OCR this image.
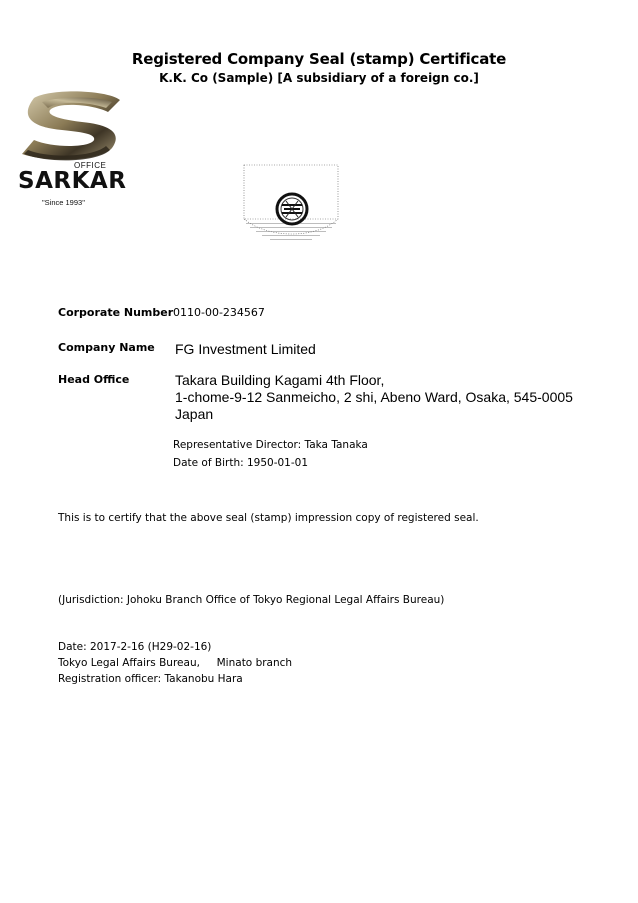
Registered Company Seal (stamp) Certificate
K.K. Co (Sample) [A subsidiary of a foreign co.]
OFFICE
SARKAR
"Since 1993"
Corporate Number 0110-00-234567
Company Name FG Investment Limited
Head Office	Takara Building Kagami 4th Floor,
1-chome-9-12 Sanmeicho, 2 shi, Abeno Ward, Osaka, 545-0005
Japan
Representative Director: Taka Tanaka
Date of Birth: 1950-01-01
This is to certify that the above seal (stamp) impression copy of registered seal.
(Jurisdiction: Johoku Branch Office of Tokyo Regional Legal Affairs Bureau)
Date: 2017-2-16 (H29-02-16)
Tokyo Legal Affairs Bureau,     Minato branch
Registration officer: Takanobu Hara
